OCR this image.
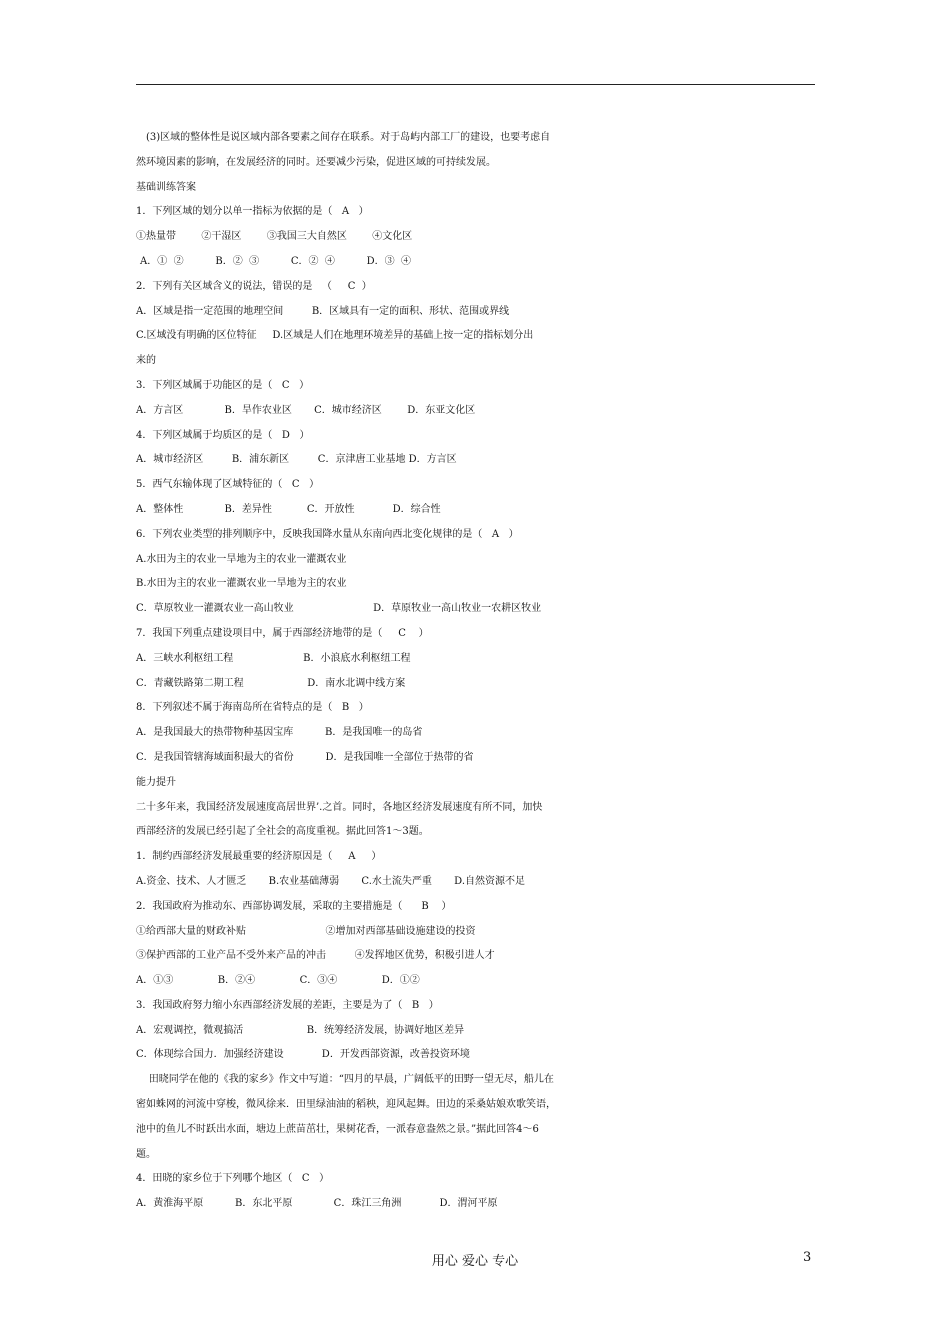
(3)区域的整体性是说区域内部各要素之间存在联系。对于岛屿内部工厂的建设，也要考虑自
然环境因素的影响，在发展经济的同时。还要减少污染，促进区域的可持续发展。
基础训练答案
1．下列区域的划分以单一指标为依据的是（   A   ）
①热量带        ②干湿区        ③我国三大自然区        ④文化区
A．①  ②          B．②  ③          C．②  ④          D．③  ④
2．下列有关区域含义的说法，错误的是   （     C  ）
A．区域是指一定范围的地理空间         B．区域具有一定的面积、形状、范围或界线
C.区域没有明确的区位特征     D.区域是人们在地理环境差异的基础上按一定的指标划分出
来的
3．下列区域属于功能区的是（   C   ）
A．方言区             B．旱作农业区       C．城市经济区        D．东亚文化区
4．下列区域属于均质区的是（   D   ）
A．城市经济区         B．浦东新区         C．京津唐工业基地 D．方言区
5．西气东输体现了区域特征的（   C   ）
A．整体性             B．差异性           C．开放性            D．综合性
6．下列农业类型的排列顺序中，反映我国降水量从东南向西北变化规律的是（   A   ）
A.水田为主的农业一旱地为主的农业一灌溉农业
B.水田为主的农业一灌溉农业一旱地为主的农业
C．草原牧业一灌溉农业一高山牧业                         D．草原牧业一高山牧业一农耕区牧业
7．我国下列重点建设项目中，属于西部经济地带的是（     C    ）
A．三峡水利枢纽工程                      B．小浪底水利枢纽工程
C．青藏铁路第二期工程                    D．南水北调中线方案
8．下列叙述不属于海南岛所在省特点的是（   B   ）
A．是我国最大的热带物种基因宝库          B．是我国唯一的岛省
C．是我国管辖海域面积最大的省份          D．是我国唯一全部位于热带的省
能力提升
二十多年来，我国经济发展速度高居世界’.之首。同时，各地区经济发展速度有所不同，加快
西部经济的发展已经引起了全社会的高度重视。据此回答1～3题。
1．制约西部经济发展最重要的经济原因是（     A     ）
A.资金、技术、人才匮乏       B.农业基础薄弱       C.水土流失严重       D.自然资源不足
2．我国政府为推动东、西部协调发展，采取的主要措施是（      B    ）
①给西部大量的财政补贴                         ②增加对西部基础设施建设的投资
③保护西部的工业产品不受外来产品的冲击         ④发挥地区优势，积极引进人才
A．①③              B．②④              C．③④              D．①②
3．我国政府努力缩小东西部经济发展的差距，主要是为了（   B   ）
A．宏观调控，微观搞活                    B．统筹经济发展，协调好地区差异
C．体现综合国力．加强经济建设            D．开发西部资源，改善投资环境
田晓同学在他的《我的家乡》作文中写道：“四月的早晨，广阔低平的田野一望无尽，船儿在
密如蛛网的河流中穿梭，微风徐来．田里绿油油的稻秧，迎风起舞。田边的采桑姑娘欢歌笑语，
池中的鱼儿不时跃出水面，塘边上蔗苗茁壮，果树花香，一派春意盎然之景。”据此回答4～6
题。
4．田晓的家乡位于下列哪个地区（   C   ）
A．黄淮海平原          B．东北平原             C．珠江三角洲            D．渭河平原
用心 爱心 专心	3
